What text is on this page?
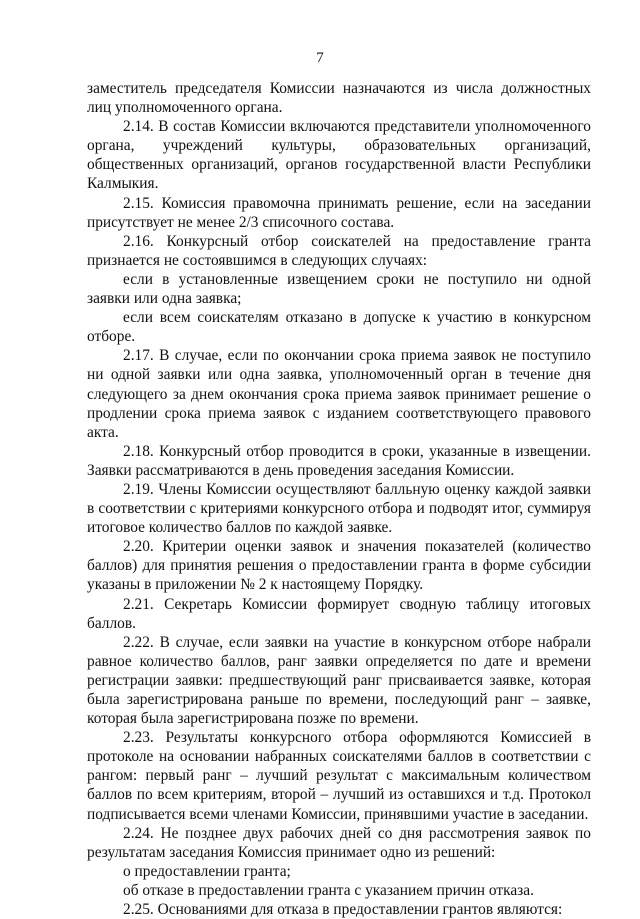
7

заместитель председателя Комиссии назначаются из числа должностных лиц уполномоченного органа.

2.14. В состав Комиссии включаются представители уполномоченного органа, учреждений культуры, образовательных организаций, общественных организаций, органов государственной власти Республики Калмыкия.

2.15. Комиссия правомочна принимать решение, если на заседании присутствует не менее 2/3 списочного состава.

2.16. Конкурсный отбор соискателей на предоставление гранта признается не состоявшимся в следующих случаях:

если в установленные извещением сроки не поступило ни одной заявки или одна заявка;

если всем соискателям отказано в допуске к участию в конкурсном отборе.

2.17. В случае, если по окончании срока приема заявок не поступило ни одной заявки или одна заявка, уполномоченный орган в течение дня следующего за днем окончания срока приема заявок принимает решение о продлении срока приема заявок с изданием соответствующего правового акта.

2.18. Конкурсный отбор проводится в сроки, указанные в извещении. Заявки рассматриваются в день проведения заседания Комиссии.

2.19. Члены Комиссии осуществляют балльную оценку каждой заявки в соответствии с критериями конкурсного отбора и подводят итог, суммируя итоговое количество баллов по каждой заявке.

2.20. Критерии оценки заявок и значения показателей (количество баллов) для принятия решения о предоставлении гранта в форме субсидии указаны в приложении № 2 к настоящему Порядку.

2.21. Секретарь Комиссии формирует сводную таблицу итоговых баллов.

2.22. В случае, если заявки на участие в конкурсном отборе набрали равное количество баллов, ранг заявки определяется по дате и времени регистрации заявки: предшествующий ранг присваивается заявке, которая была зарегистрирована раньше по времени, последующий ранг – заявке, которая была зарегистрирована позже по времени.

2.23. Результаты конкурсного отбора оформляются Комиссией в протоколе на основании набранных соискателями баллов в соответствии с рангом: первый ранг – лучший результат с максимальным количеством баллов по всем критериям, второй – лучший из оставшихся и т.д. Протокол подписывается всеми членами Комиссии, принявшими участие в заседании.

2.24. Не позднее двух рабочих дней со дня рассмотрения заявок по результатам заседания Комиссия принимает одно из решений:

о предоставлении гранта;

об отказе в предоставлении гранта с указанием причин отказа.

2.25. Основаниями для отказа в предоставлении грантов являются:
